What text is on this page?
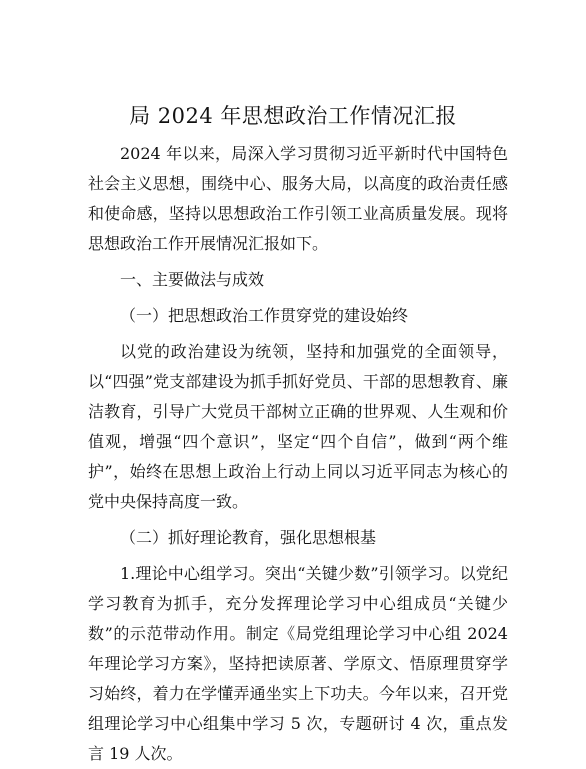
局 2024 年思想政治工作情况汇报

2024 年以来，局深入学习贯彻习近平新时代中国特色社会主义思想，围绕中心、服务大局，以高度的政治责任感和使命感，坚持以思想政治工作引领工业高质量发展。现将思想政治工作开展情况汇报如下。

一、主要做法与成效

（一）把思想政治工作贯穿党的建设始终

以党的政治建设为统领，坚持和加强党的全面领导，以“四强”党支部建设为抓手抓好党员、干部的思想教育、廉洁教育，引导广大党员干部树立正确的世界观、人生观和价值观，增强“四个意识”，坚定“四个自信”，做到“两个维护”，始终在思想上政治上行动上同以习近平同志为核心的党中央保持高度一致。

（二）抓好理论教育，强化思想根基

1.理论中心组学习。突出“关键少数”引领学习。以党纪学习教育为抓手，充分发挥理论学习中心组成员“关键少数”的示范带动作用。制定《局党组理论学习中心组 2024 年理论学习方案》，坚持把读原著、学原文、悟原理贯穿学习始终，着力在学懂弄通坐实上下功夫。今年以来，召开党组理论学习中心组集中学习 5 次，专题研讨 4 次，重点发言 19 人次。
